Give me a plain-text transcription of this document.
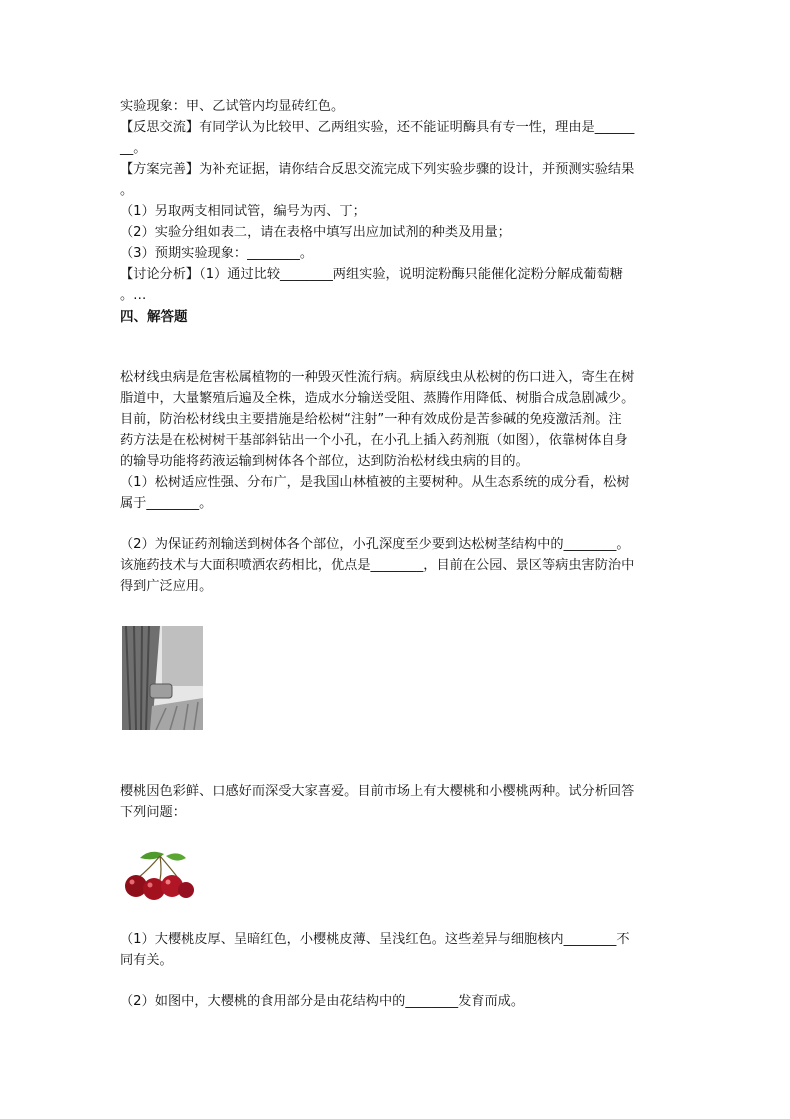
实验现象：甲、乙试管内均显砖红色。
【反思交流】有同学认为比较甲、乙两组实验，还不能证明酶具有专一性，理由是______
__。
【方案完善】为补充证据，请你结合反思交流完成下列实验步骤的设计，并预测实验结果
。
（1）另取两支相同试管，编号为丙、丁；
（2）实验分组如表二，请在表格中填写出应加试剂的种类及用量；
（3）预期实验现象：________。
【讨论分析】（1）通过比较________两组实验，说明淀粉酶只能催化淀粉分解成葡萄糖
。…
四、解答题
松材线虫病是危害松属植物的一种毁灭性流行病。病原线虫从松树的伤口进入，寄生在树
脂道中，大量繁殖后遍及全株，造成水分输送受阻、蒸腾作用降低、树脂合成急剧减少。
目前，防治松材线虫主要措施是给松树“注射”一种有效成份是苦参碱的免疫激活剂。注
药方法是在松树树干基部斜钻出一个小孔，在小孔上插入药剂瓶（如图），依靠树体自身
的输导功能将药液运输到树体各个部位，达到防治松材线虫病的目的。
（1）松树适应性强、分布广，是我国山林植被的主要树种。从生态系统的成分看，松树
属于________。
（2）为保证药剂输送到树体各个部位，小孔深度至少要到达松树茎结构中的________。
该施药技术与大面积喷洒农药相比，优点是________，目前在公园、景区等病虫害防治中
得到广泛应用。
樱桃因色彩鲜、口感好而深受大家喜爱。目前市场上有大樱桃和小樱桃两种。试分析回答
下列问题：
（1）大樱桃皮厚、呈暗红色，小樱桃皮薄、呈浅红色。这些差异与细胞核内________不
同有关。
（2）如图中，大樱桃的食用部分是由花结构中的________发育而成。
